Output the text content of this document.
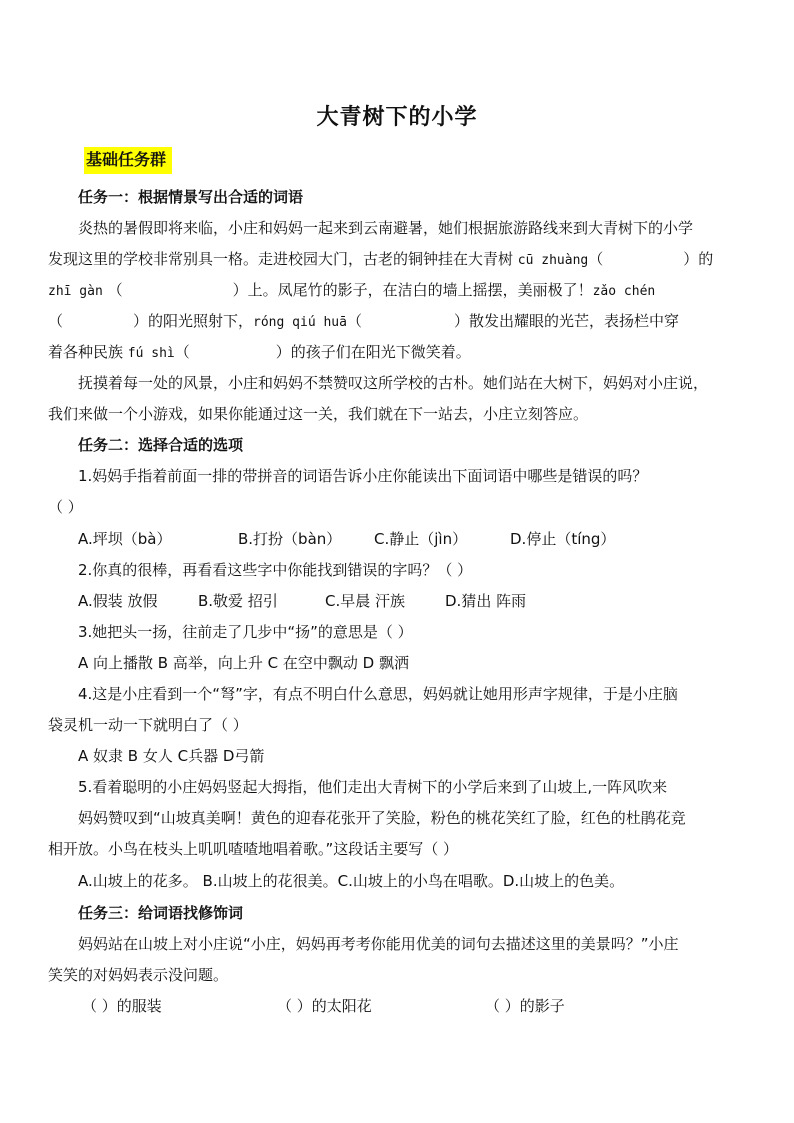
大青树下的小学
基础任务群
任务一：根据情景写出合适的词语
炎热的暑假即将来临，小庄和妈妈一起来到云南避暑，她们根据旅游路线来到大青树下的小学
发现这里的学校非常别具一格。走进校园大门，古老的铜钟挂在大青树 cū zhuàng（	）的
zhī gàn （	）上。凤尾竹的影子，在洁白的墙上摇摆，美丽极了！zǎo chén
（	）的阳光照射下，róng qiú huā（	）散发出耀眼的光芒，表扬栏中穿
着各种民族 fú shì（	）的孩子们在阳光下微笑着。
抚摸着每一处的风景，小庄和妈妈不禁赞叹这所学校的古朴。她们站在大树下，妈妈对小庄说，
我们来做一个小游戏，如果你能通过这一关，我们就在下一站去，小庄立刻答应。
任务二：选择合适的选项
1.妈妈手指着前面一排的带拼音的词语告诉小庄你能读出下面词语中哪些是错误的吗？
（ ）
A.坪坝（bà）	B.打扮（bàn） C.静止（jìn）	D.停止（tíng）
2.你真的很棒，再看看这些字中你能找到错误的字吗？（ ）
A.假装 放假	B.敬爱 招引	C.早晨 汗族	D.猜出 阵雨
3.她把头一扬，往前走了几步中“扬”的意思是（ ）
A 向上播散 B 高举，向上升 C 在空中飘动 D 飘洒
4.这是小庄看到一个“弩”字，有点不明白什么意思，妈妈就让她用形声字规律，于是小庄脑
袋灵机一动一下就明白了（ ）
A 奴隶 B 女人 C兵器 D弓箭
5.看着聪明的小庄妈妈竖起大拇指，他们走出大青树下的小学后来到了山坡上,一阵风吹来
妈妈赞叹到“山坡真美啊！黄色的迎春花张开了笑脸，粉色的桃花笑红了脸，红色的杜鹃花竞
相开放。小鸟在枝头上叽叽喳喳地唱着歌。”这段话主要写（ ）
A.山坡上的花多。 B.山坡上的花很美。C.山坡上的小鸟在唱歌。D.山坡上的色美。
任务三：给词语找修饰词
妈妈站在山坡上对小庄说“小庄，妈妈再考考你能用优美的词句去描述这里的美景吗？”小庄
笑笑的对妈妈表示没问题。
（ ）的服装	（ ）的太阳花	（ ）的影子
